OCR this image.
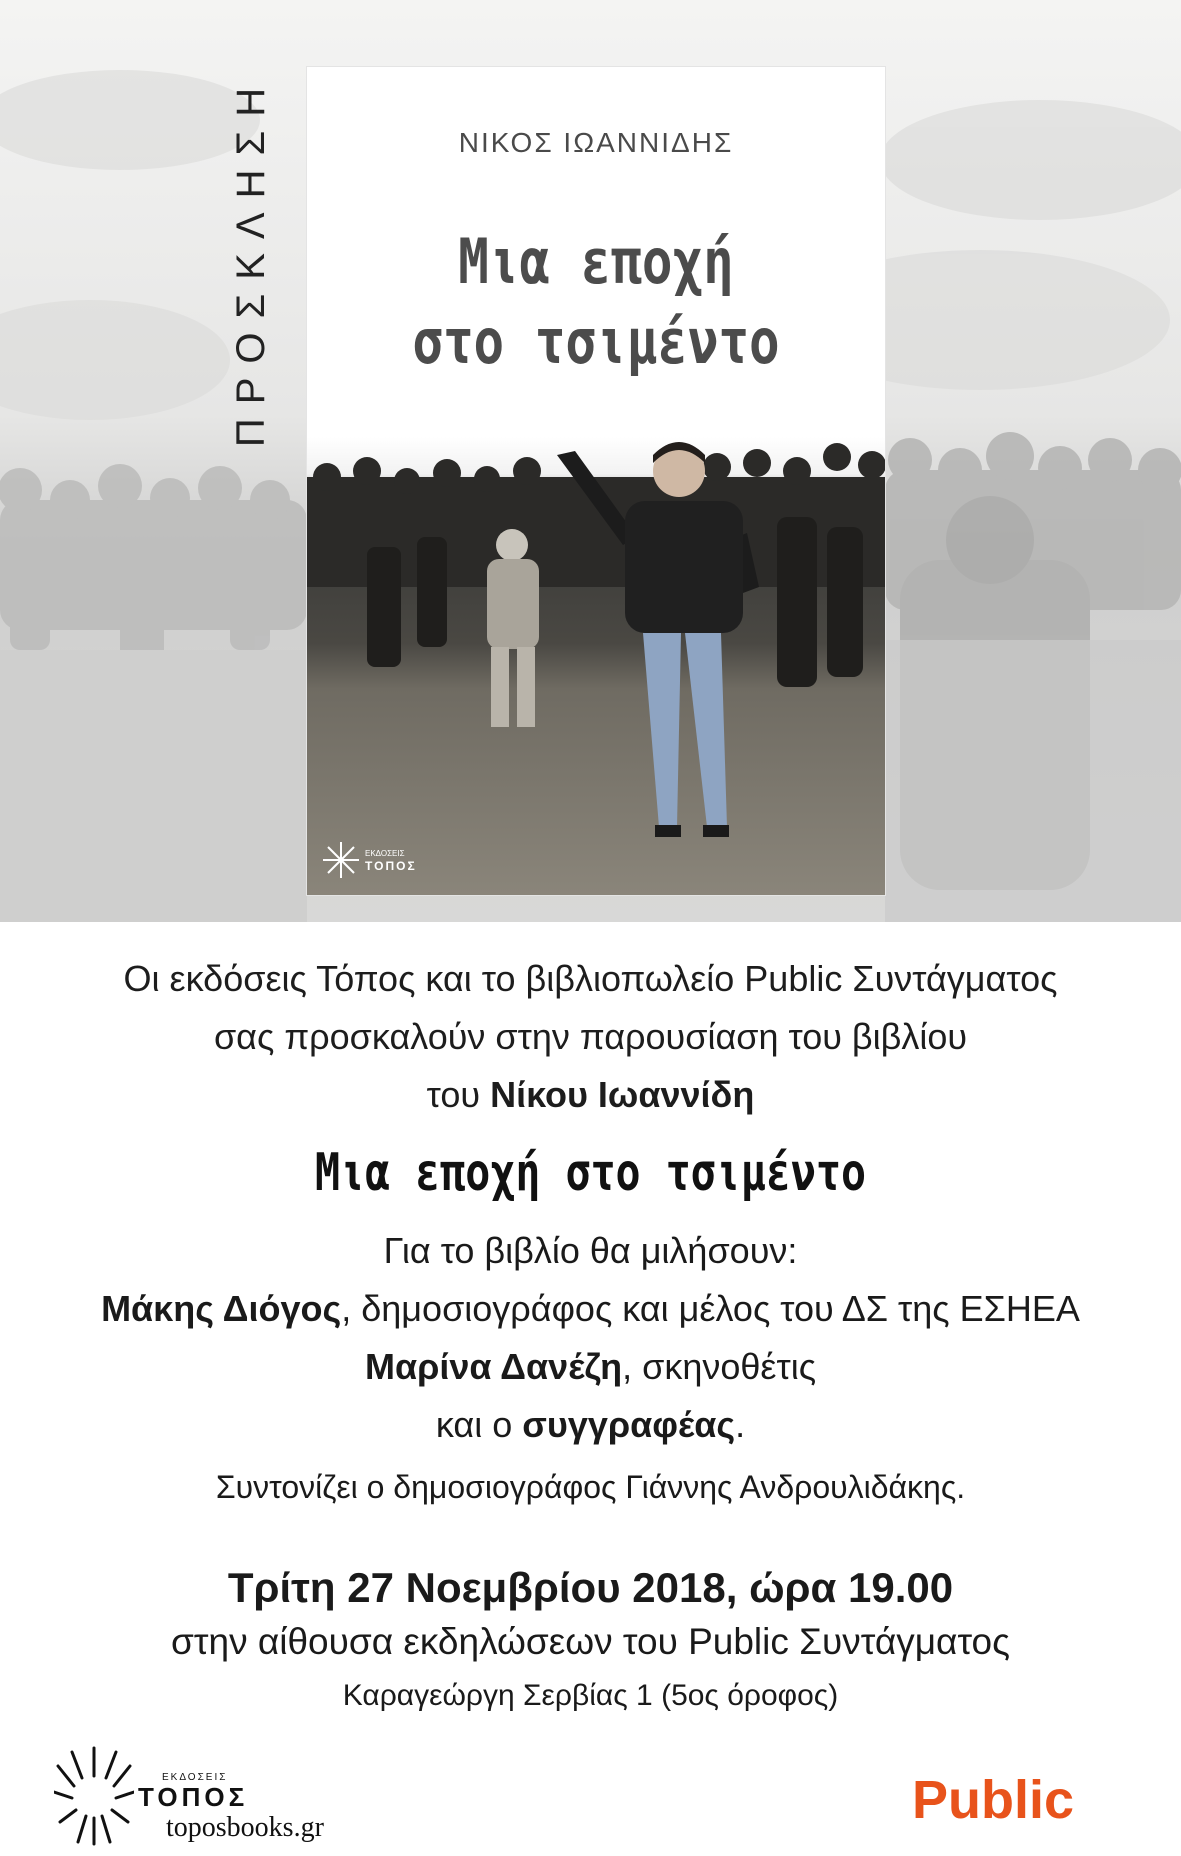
ΠΡΟΣΚΛΗΣΗ	ΝΙΚΟΣ ΙΩΑΝΝΙΔΗΣ
Μια εποχή
στο τσιμέντο
ΕΚΔΟΣΕΙΣ
ΤΟΠΟΣ
Οι εκδόσεις Τόπος και το βιβλιοπωλείο Public Συντάγματος
σας προσκαλούν στην παρουσίαση του βιβλίου
του Νίκου Ιωαννίδη
Μια εποχή στο τσιμέντο
Για το βιβλίο θα μιλήσουν:
Μάκης Διόγος, δημοσιογράφος και μέλος του ΔΣ της ΕΣΗΕΑ
Μαρίνα Δανέζη, σκηνοθέτις
και ο συγγραφέας.
Συντονίζει ο δημοσιογράφος Γιάννης Ανδρουλιδάκης.
Τρίτη 27 Νοεμβρίου 2018, ώρα 19.00
στην αίθουσα εκδηλώσεων του Public Συντάγματος
Καραγεώργη Σερβίας 1 (5ος όροφος)
ΕΚΔΟΣΕΙΣ
ΤΟΠΟΣ
toposbooks.gr	Public
